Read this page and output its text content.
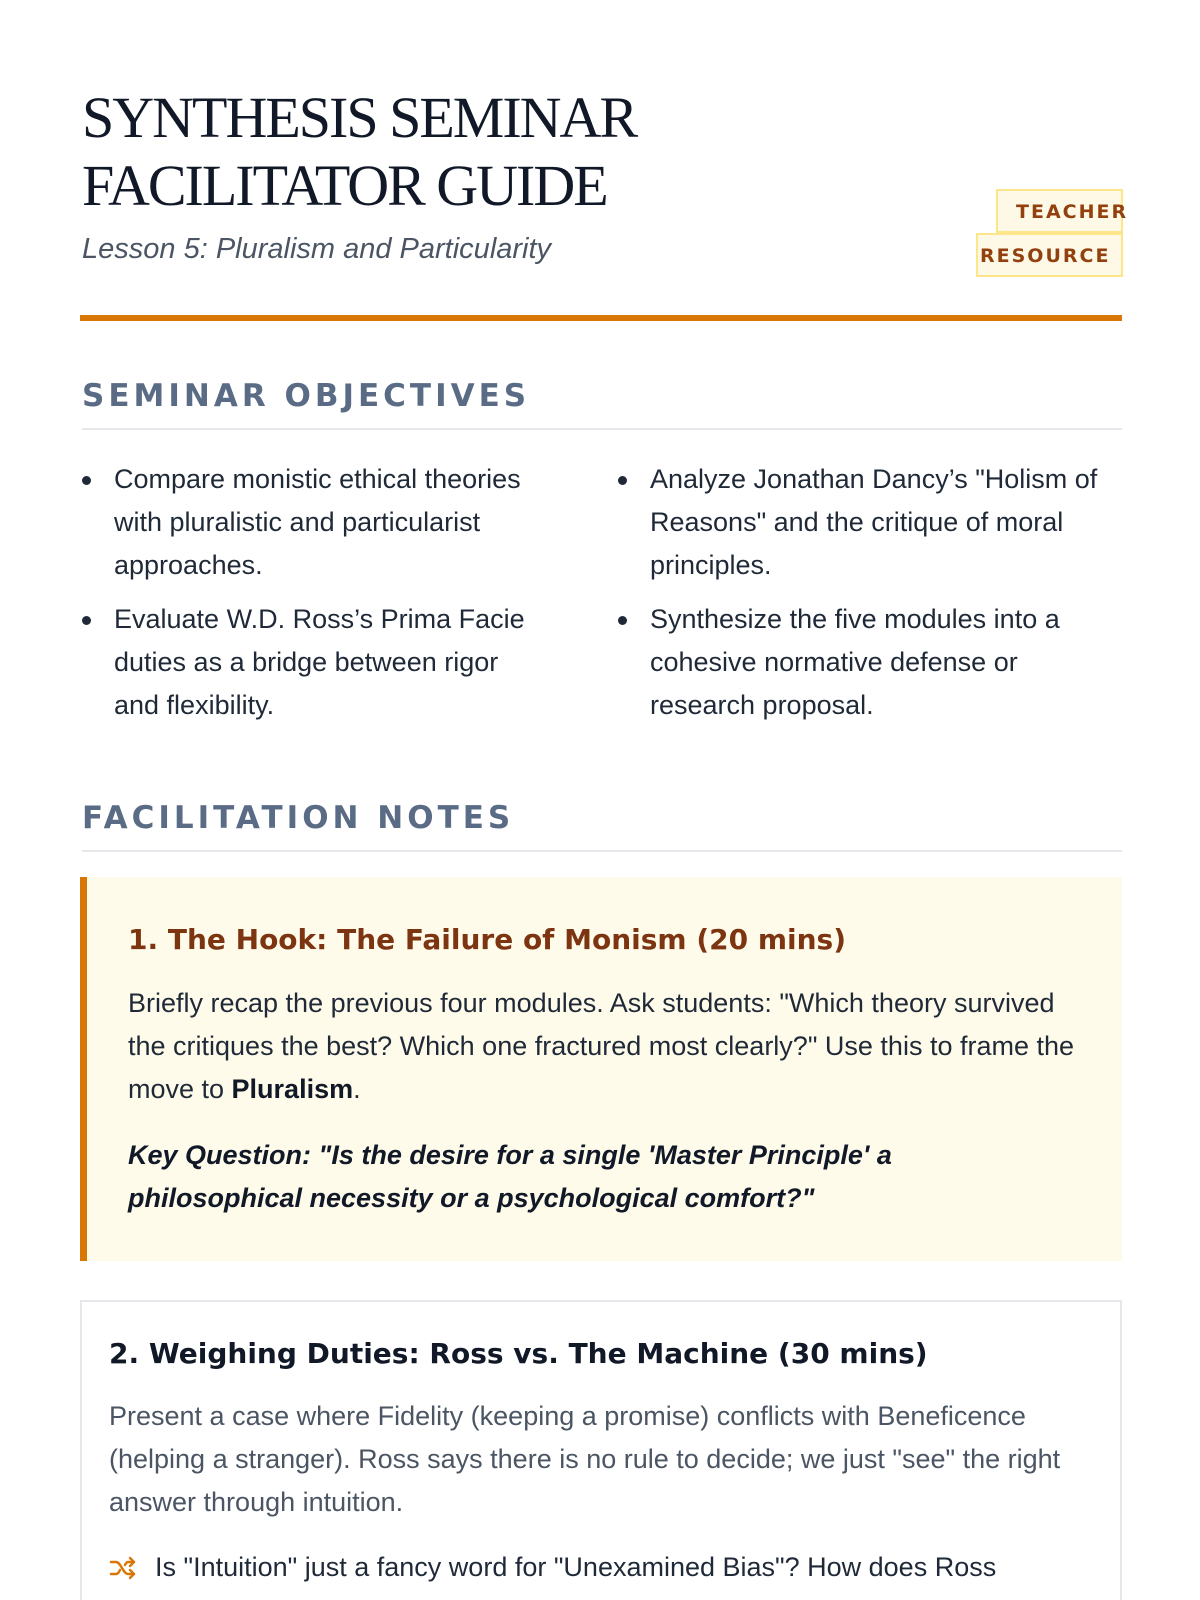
SYNTHESIS SEMINAR
FACILITATOR GUIDE
Lesson 5: Pluralism and Particularity
TEACHER
RESOURCE
SEMINAR OBJECTIVES
Compare monistic ethical theories with pluralistic and particularist approaches.
Analyze Jonathan Dancy’s "Holism of Reasons" and the critique of moral principles.
Evaluate W.D. Ross’s Prima Facie duties as a bridge between rigor and flexibility.
Synthesize the five modules into a cohesive normative defense or research proposal.
FACILITATION NOTES
1. The Hook: The Failure of Monism (20 mins)

Briefly recap the previous four modules. Ask students: "Which theory survived the critiques the best? Which one fractured most clearly?" Use this to frame the move to Pluralism.

Key Question: "Is the desire for a single 'Master Principle' a philosophical necessity or a psychological comfort?"

2. Weighing Duties: Ross vs. The Machine (30 mins)

Present a case where Fidelity (keeping a promise) conflicts with Beneficence (helping a stranger). Ross says there is no rule to decide; we just "see" the right answer through intuition.

Is "Intuition" just a fancy word for "Unexamined Bias"? How does Ross
